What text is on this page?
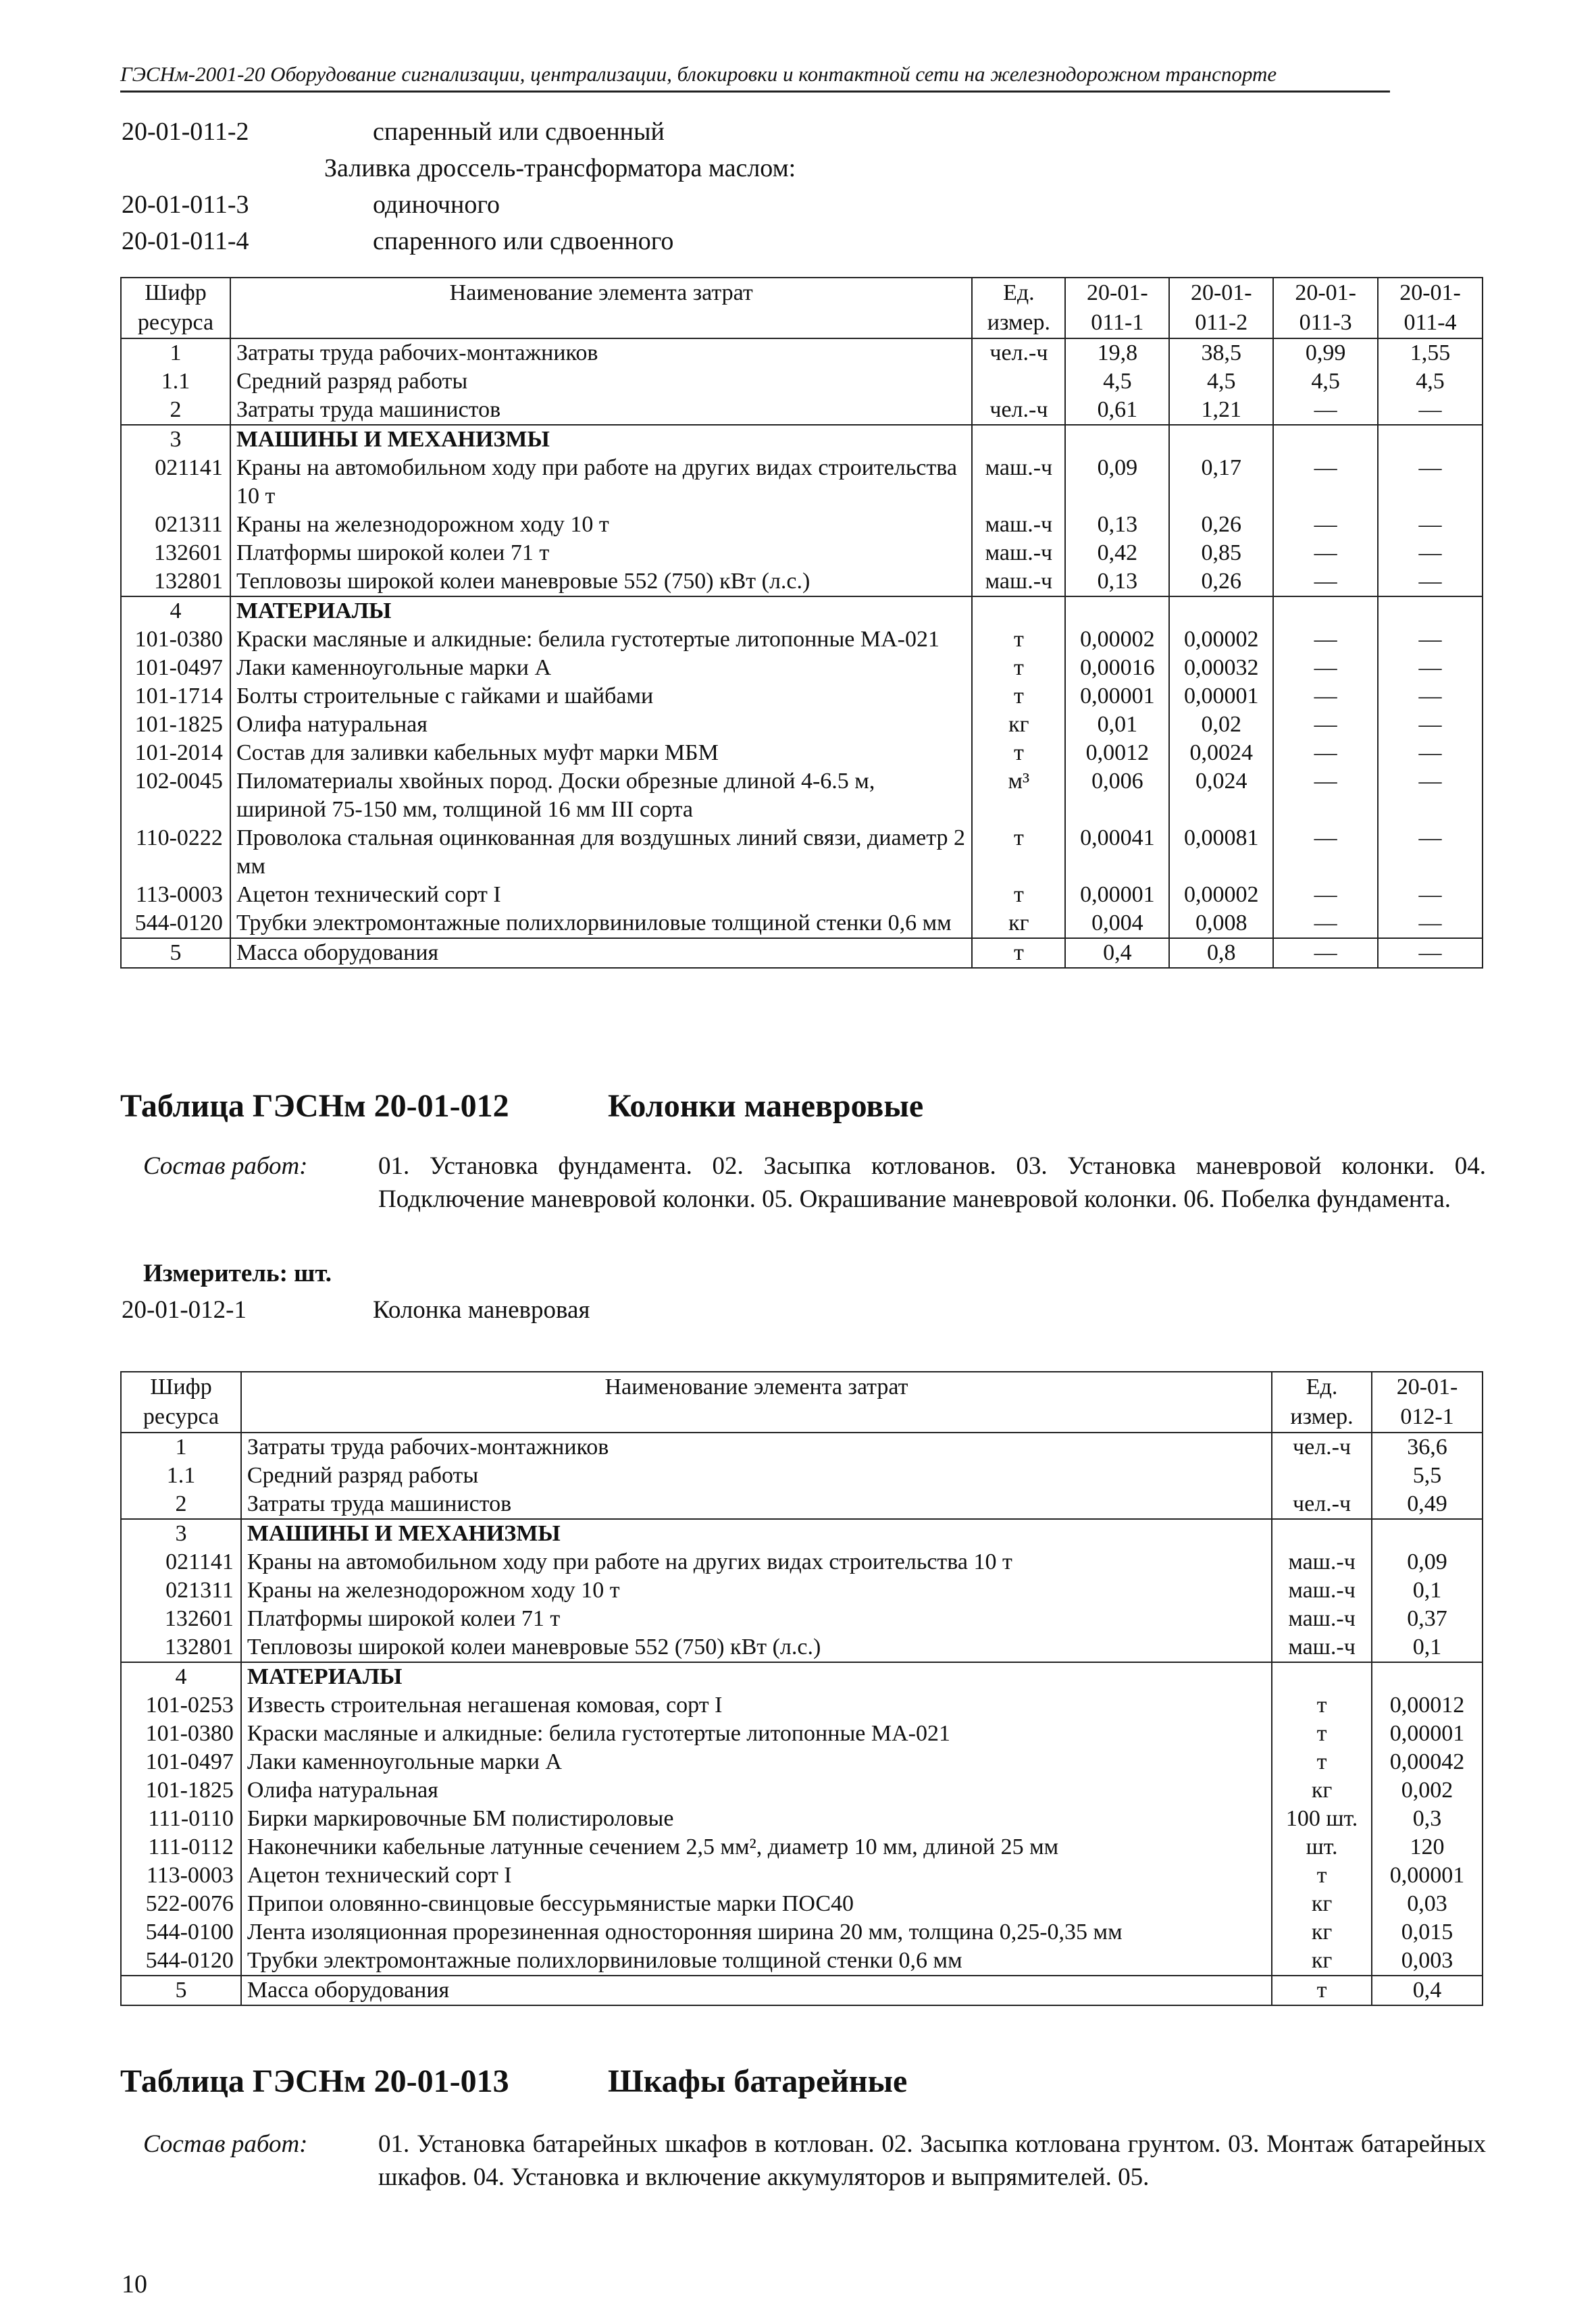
ГЭСНм-2001-20 Оборудование сигнализации, централизации, блокировки и контактной сети на железнодорожном транспорте
20-01-011-2	спаренный или сдвоенный
Заливка дроссель-трансформатора маслом:
20-01-011-3	одиночного
20-01-011-4	спаренного или сдвоенного
Шифр ресурса	Наименование элемента затрат	Ед. измер.	20-01-011-1	20-01-011-2	20-01-011-3	20-01-011-4
1	Затраты труда рабочих-монтажников	чел.-ч	19,8	38,5	0,99	1,55
1.1	Средний разряд работы		4,5	4,5	4,5	4,5
2	Затраты труда машинистов	чел.-ч	0,61	1,21	—	—
3	МАШИНЫ И МЕХАНИЗМЫ					
021141	Краны на автомобильном ходу при работе на других видах строительства 10 т	маш.-ч	0,09	0,17	—	—
021311	Краны на железнодорожном ходу 10 т	маш.-ч	0,13	0,26	—	—
132601	Платформы широкой колеи 71 т	маш.-ч	0,42	0,85	—	—
132801	Тепловозы широкой колеи маневровые 552 (750) кВт (л.с.)	маш.-ч	0,13	0,26	—	—
4	МАТЕРИАЛЫ					
101-0380	Краски масляные и алкидные: белила густотертые литопонные МА-021	т	0,00002	0,00002	—	—
101-0497	Лаки каменноугольные марки А	т	0,00016	0,00032	—	—
101-1714	Болты строительные с гайками и шайбами	т	0,00001	0,00001	—	—
101-1825	Олифа натуральная	кг	0,01	0,02	—	—
101-2014	Состав для заливки кабельных муфт марки МБМ	т	0,0012	0,0024	—	—
102-0045	Пиломатериалы хвойных пород. Доски обрезные длиной 4-6.5 м, шириной 75-150 мм, толщиной 16 мм III сорта	м³	0,006	0,024	—	—
110-0222	Проволока стальная оцинкованная для воздушных линий связи, диаметр 2 мм	т	0,00041	0,00081	—	—
113-0003	Ацетон технический сорт I	т	0,00001	0,00002	—	—
544-0120	Трубки электромонтажные полихлорвиниловые толщиной стенки 0,6 мм	кг	0,004	0,008	—	—
5	Масса оборудования	т	0,4	0,8	—	—
Таблица ГЭСНм 20-01-012	Колонки маневровые
Состав работ:	01. Установка фундамента. 02. Засыпка котлованов. 03. Установка маневровой колонки. 04. Подключение маневровой колонки. 05. Окрашивание маневровой колонки. 06. Побелка фундамента.
Измеритель: шт.
20-01-012-1	Колонка маневровая
Шифр ресурса	Наименование элемента затрат	Ед. измер.	20-01-012-1
1	Затраты труда рабочих-монтажников	чел.-ч	36,6
1.1	Средний разряд работы		5,5
2	Затраты труда машинистов	чел.-ч	0,49
3	МАШИНЫ И МЕХАНИЗМЫ		
021141	Краны на автомобильном ходу при работе на других видах строительства 10 т	маш.-ч	0,09
021311	Краны на железнодорожном ходу 10 т	маш.-ч	0,1
132601	Платформы широкой колеи 71 т	маш.-ч	0,37
132801	Тепловозы широкой колеи маневровые 552 (750) кВт (л.с.)	маш.-ч	0,1
4	МАТЕРИАЛЫ		
101-0253	Известь строительная негашеная комовая, сорт I	т	0,00012
101-0380	Краски масляные и алкидные: белила густотертые литопонные МА-021	т	0,00001
101-0497	Лаки каменноугольные марки А	т	0,00042
101-1825	Олифа натуральная	кг	0,002
111-0110	Бирки маркировочные БМ полистироловые	100 шт.	0,3
111-0112	Наконечники кабельные латунные сечением 2,5 мм², диаметр 10 мм, длиной 25 мм	шт.	120
113-0003	Ацетон технический сорт I	т	0,00001
522-0076	Припои оловянно-свинцовые бессурьмянистые марки ПОС40	кг	0,03
544-0100	Лента изоляционная прорезиненная односторонняя ширина 20 мм, толщина 0,25-0,35 мм	кг	0,015
544-0120	Трубки электромонтажные полихлорвиниловые толщиной стенки 0,6 мм	кг	0,003
5	Масса оборудования	т	0,4
Таблица ГЭСНм 20-01-013	Шкафы батарейные
Состав работ:	01. Установка батарейных шкафов в котлован. 02. Засыпка котлована грунтом. 03. Монтаж батарейных шкафов. 04. Установка и включение аккумуляторов и выпрямителей. 05.
10
